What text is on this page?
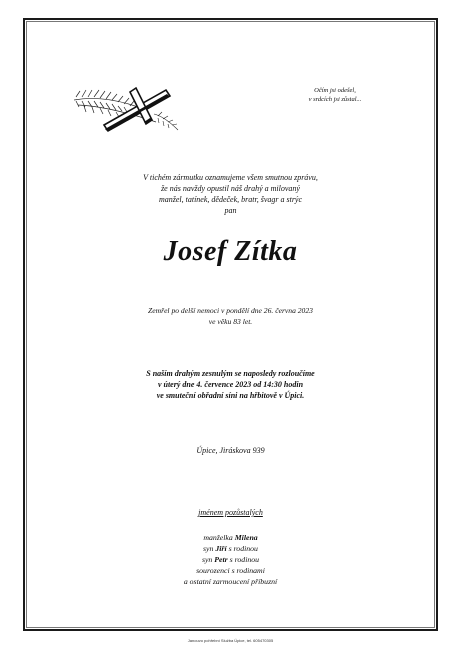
Očím jsi odešel,
v srdcích jsi zůstal...
V tichém zármutku oznamujeme všem smutnou zprávu,
že nás navždy opustil náš drahý a milovaný
manžel, tatínek, dědeček, bratr, švagr a strýc
pan
Josef Zítka
Zemřel po delší nemoci v pondělí dne 26. června 2023
ve věku 83 let.
S naším drahým zesnulým se naposledy rozloučíme
v úterý dne 4. července 2023 od 14:30 hodin
ve smuteční obřadní síni na hřbitově v Úpici.
Úpice, Jiráskova 939
jménem pozůstalých
manželka Milena
syn Jiří s rodinou
syn Petr s rodinou
sourozenci s rodinami
a ostatní zarmoucení příbuzní
Janouvo pohřební Služba Úpice, tel. 605470305
